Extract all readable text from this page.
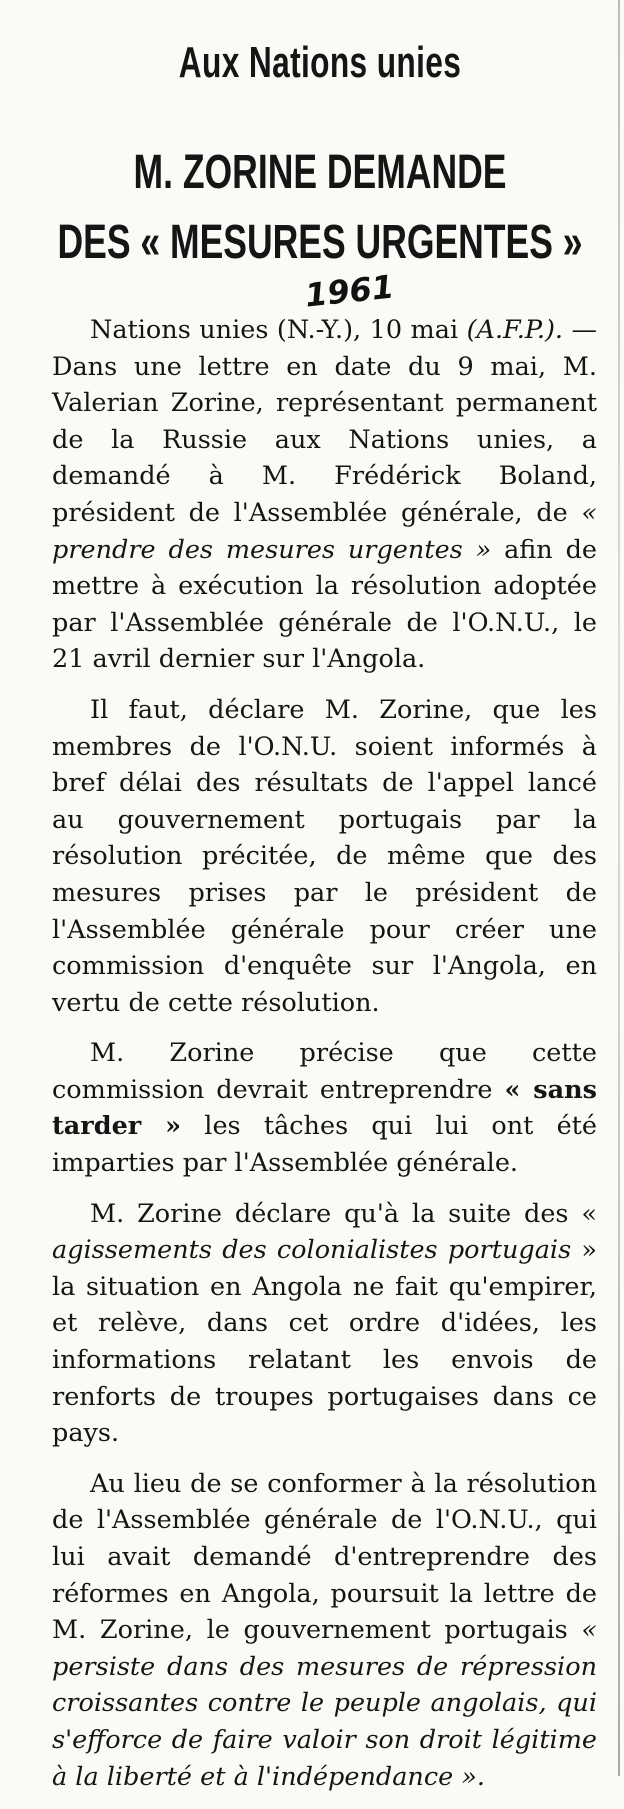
Aux Nations unies
M. ZORINE DEMANDE
DES « MESURES URGENTES »
1961

Nations unies (N.-Y.), 10 mai (A.F.P.). — Dans une lettre en date du 9 mai, M. Valerian Zorine, représentant permanent de la Russie aux Nations unies, a demandé à M. Frédérick Boland, président de l'Assemblée générale, de « prendre des mesures urgentes » afin de mettre à exécution la résolution adoptée par l'Assemblée générale de l'O.N.U., le 21 avril dernier sur l'Angola.

Il faut, déclare M. Zorine, que les membres de l'O.N.U. soient informés à bref délai des résultats de l'appel lancé au gouvernement portugais par la résolution précitée, de même que des mesures prises par le président de l'Assemblée générale pour créer une commission d'enquête sur l'Angola, en vertu de cette résolution.

M. Zorine précise que cette commission devrait entreprendre « sans tarder » les tâches qui lui ont été imparties par l'Assemblée générale.

M. Zorine déclare qu'à la suite des « agissements des colonialistes portugais » la situation en Angola ne fait qu'empirer, et relève, dans cet ordre d'idées, les informations relatant les envois de renforts de troupes portugaises dans ce pays.

Au lieu de se conformer à la résolution de l'Assemblée générale de l'O.N.U., qui lui avait demandé d'entreprendre des réformes en Angola, poursuit la lettre de M. Zorine, le gouvernement portugais « persiste dans des mesures de répression croissantes contre le peuple angolais, qui s'efforce de faire valoir son droit légitime à la liberté et à l'indépendance ».
